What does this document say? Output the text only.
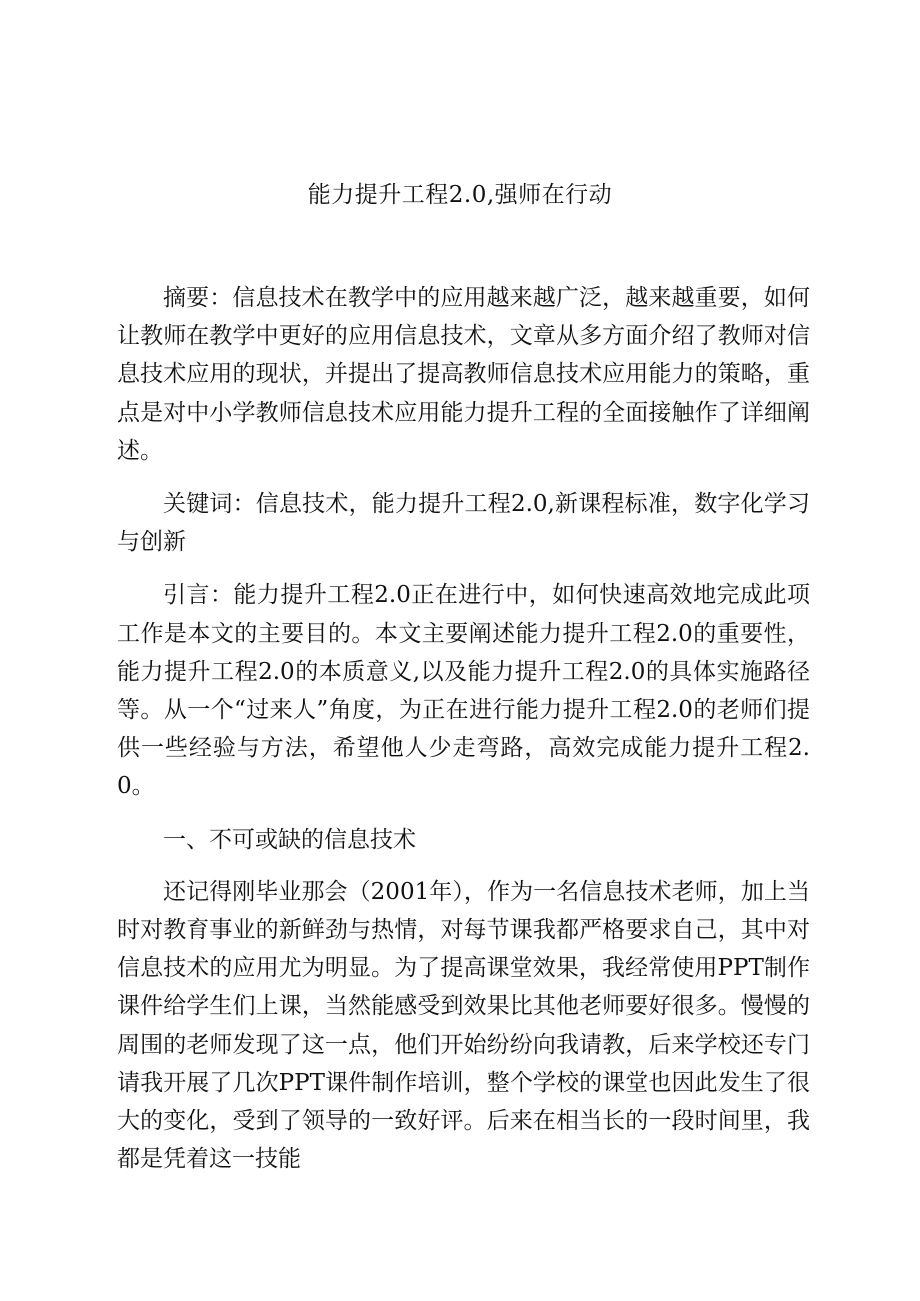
能力提升工程2.0,强师在行动

摘要：信息技术在教学中的应用越来越广泛，越来越重要，如何让教师在教学中更好的应用信息技术，文章从多方面介绍了教师对信息技术应用的现状，并提出了提高教师信息技术应用能力的策略，重点是对中小学教师信息技术应用能力提升工程的全面接触作了详细阐述。

关键词：信息技术，能力提升工程2.0,新课程标准，数字化学习与创新

引言：能力提升工程2.0正在进行中，如何快速高效地完成此项工作是本文的主要目的。本文主要阐述能力提升工程2.0的重要性，能力提升工程2.0的本质意义,以及能力提升工程2.0的具体实施路径等。从一个“过来人”角度，为正在进行能力提升工程2.0的老师们提供一些经验与方法，希望他人少走弯路，高效完成能力提升工程2.0。

一、不可或缺的信息技术

还记得刚毕业那会（2001年），作为一名信息技术老师，加上当时对教育事业的新鲜劲与热情，对每节课我都严格要求自己，其中对信息技术的应用尤为明显。为了提高课堂效果，我经常使用PPT制作课件给学生们上课，当然能感受到效果比其他老师要好很多。慢慢的周围的老师发现了这一点，他们开始纷纷向我请教，后来学校还专门请我开展了几次PPT课件制作培训，整个学校的课堂也因此发生了很大的变化，受到了领导的一致好评。后来在相当长的一段时间里，我都是凭着这一技能
